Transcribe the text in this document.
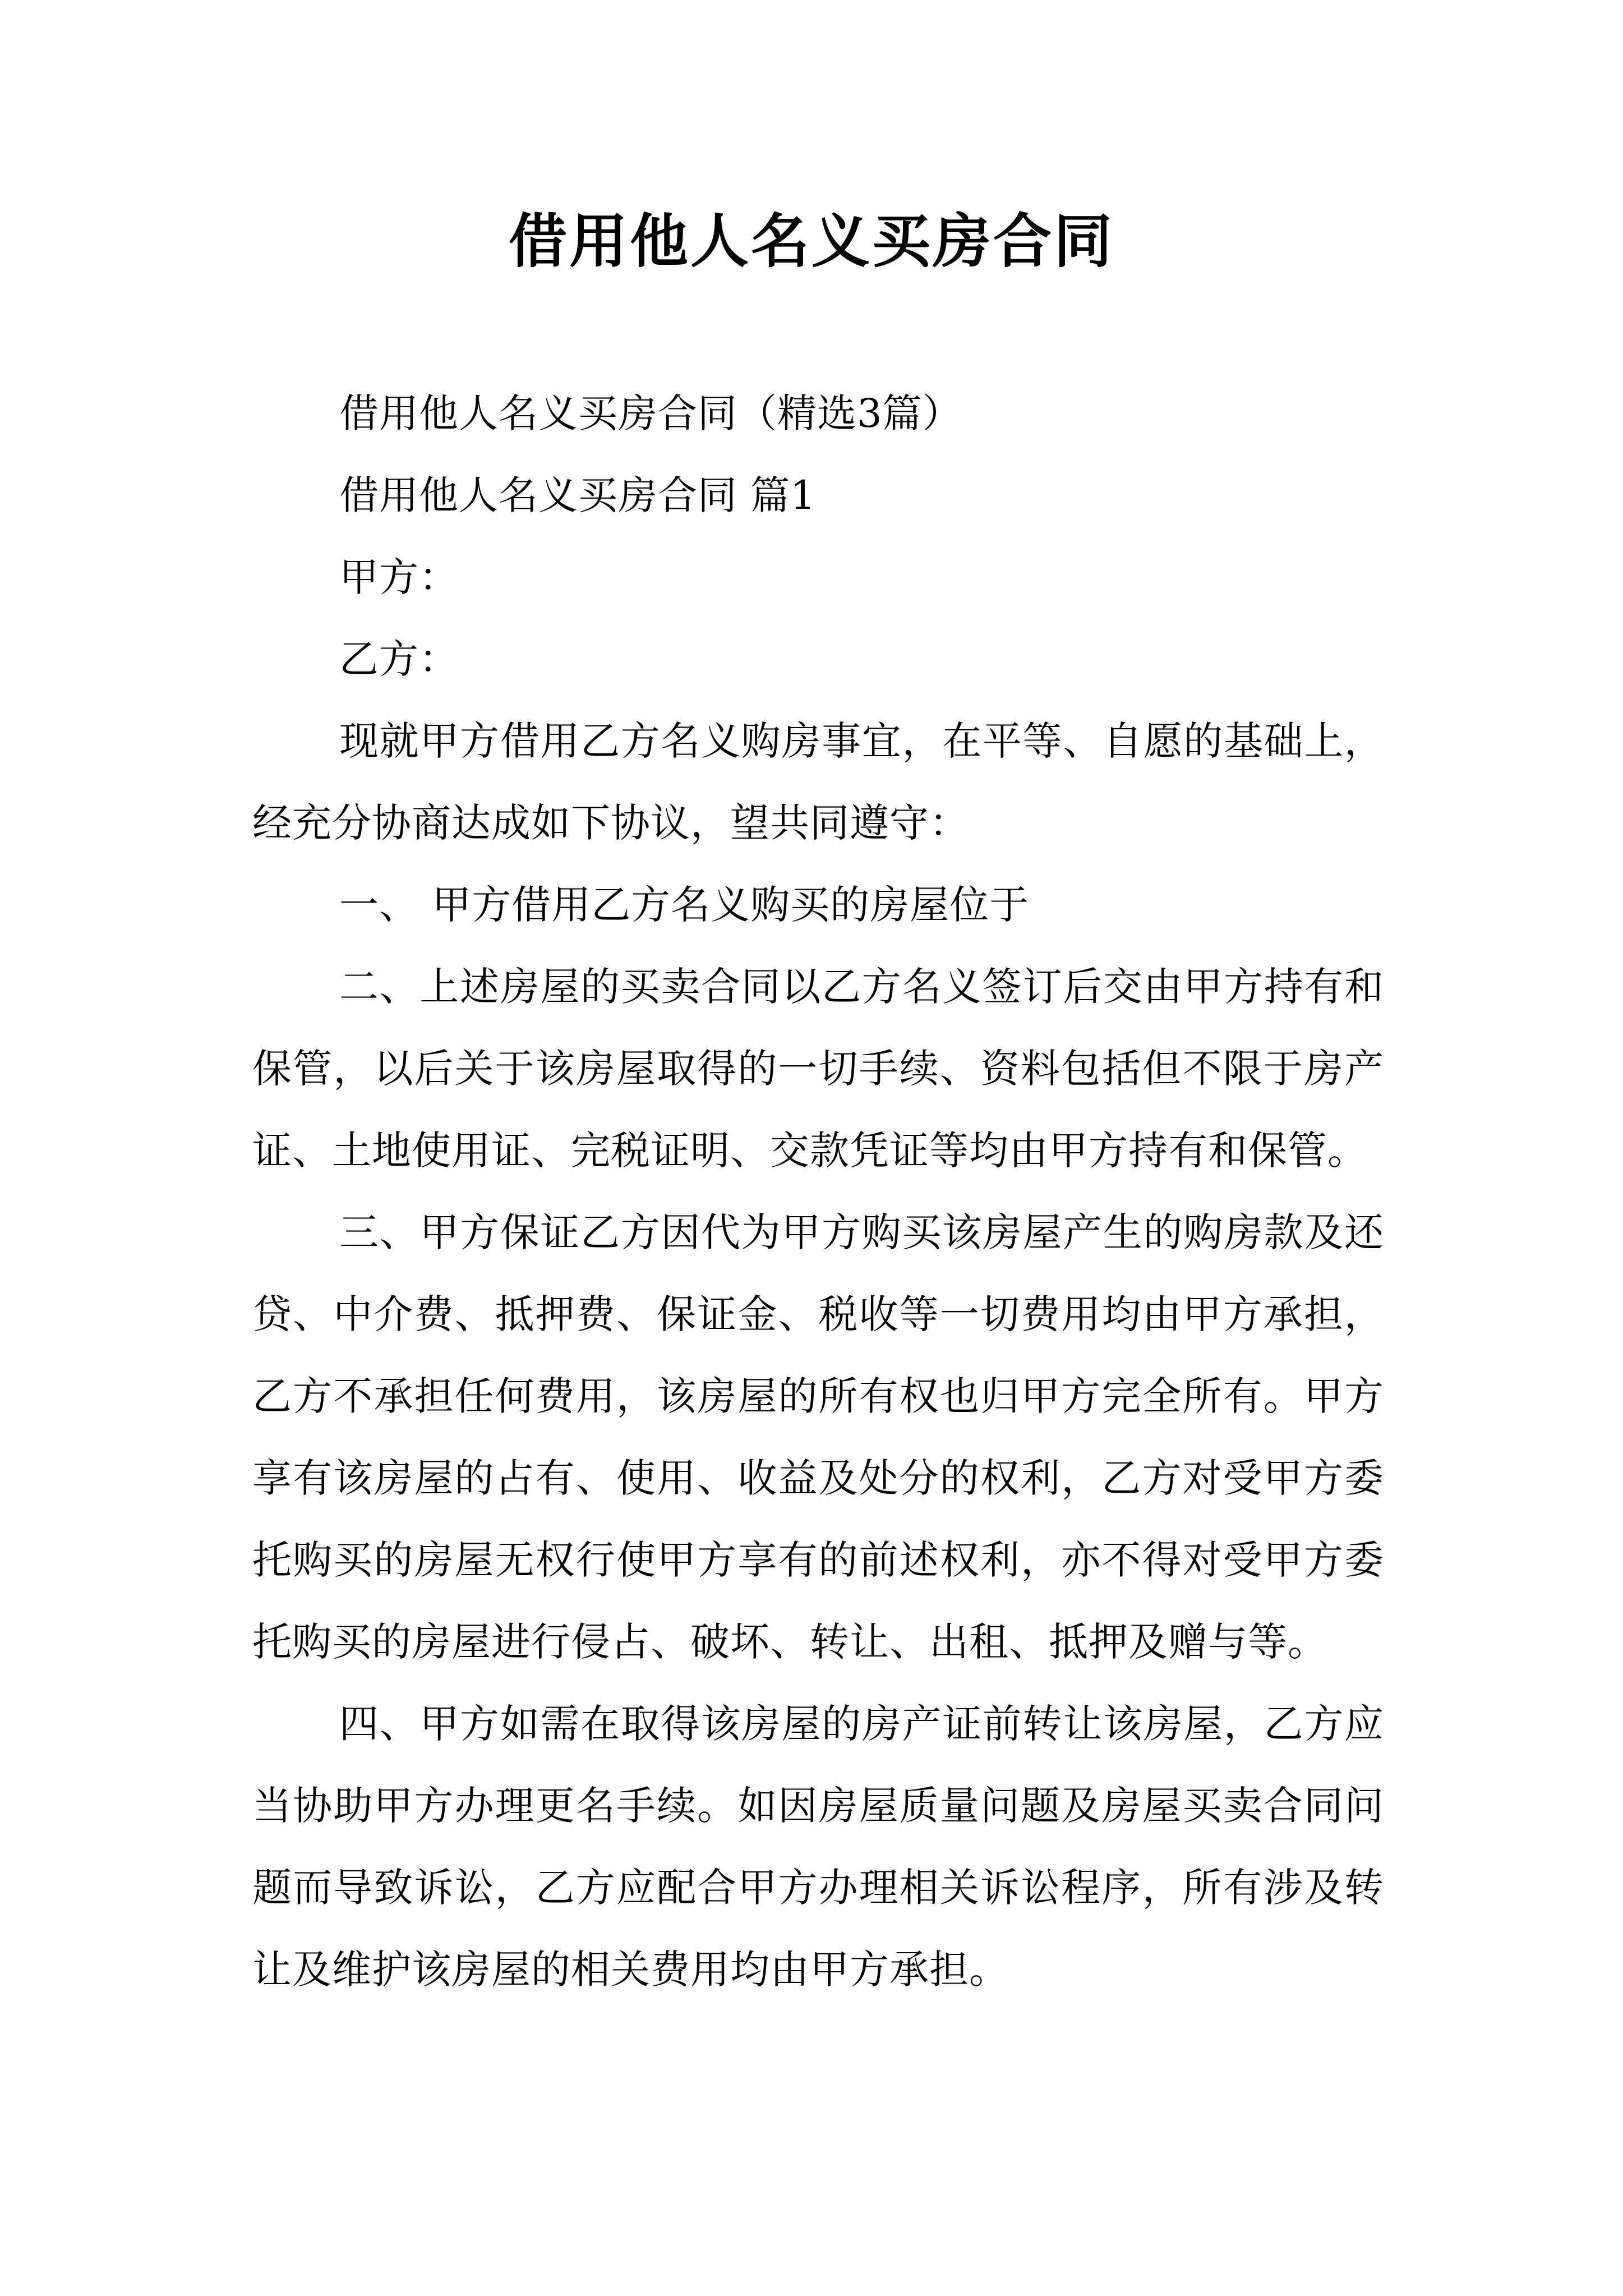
借用他人名义买房合同

借用他人名义买房合同（精选3篇）

借用他人名义买房合同 篇1

甲方：

乙方：

现就甲方借用乙方名义购房事宜，在平等、自愿的基础上，经充分协商达成如下协议，望共同遵守：

一、 甲方借用乙方名义购买的房屋位于

二、上述房屋的买卖合同以乙方名义签订后交由甲方持有和保管，以后关于该房屋取得的一切手续、资料包括但不限于房产证、土地使用证、完税证明、交款凭证等均由甲方持有和保管。

三、甲方保证乙方因代为甲方购买该房屋产生的购房款及还贷、中介费、抵押费、保证金、税收等一切费用均由甲方承担，乙方不承担任何费用，该房屋的所有权也归甲方完全所有。甲方享有该房屋的占有、使用、收益及处分的权利，乙方对受甲方委托购买的房屋无权行使甲方享有的前述权利，亦不得对受甲方委托购买的房屋进行侵占、破坏、转让、出租、抵押及赠与等。

四、甲方如需在取得该房屋的房产证前转让该房屋，乙方应当协助甲方办理更名手续。如因房屋质量问题及房屋买卖合同问题而导致诉讼，乙方应配合甲方办理相关诉讼程序，所有涉及转让及维护该房屋的相关费用均由甲方承担。
